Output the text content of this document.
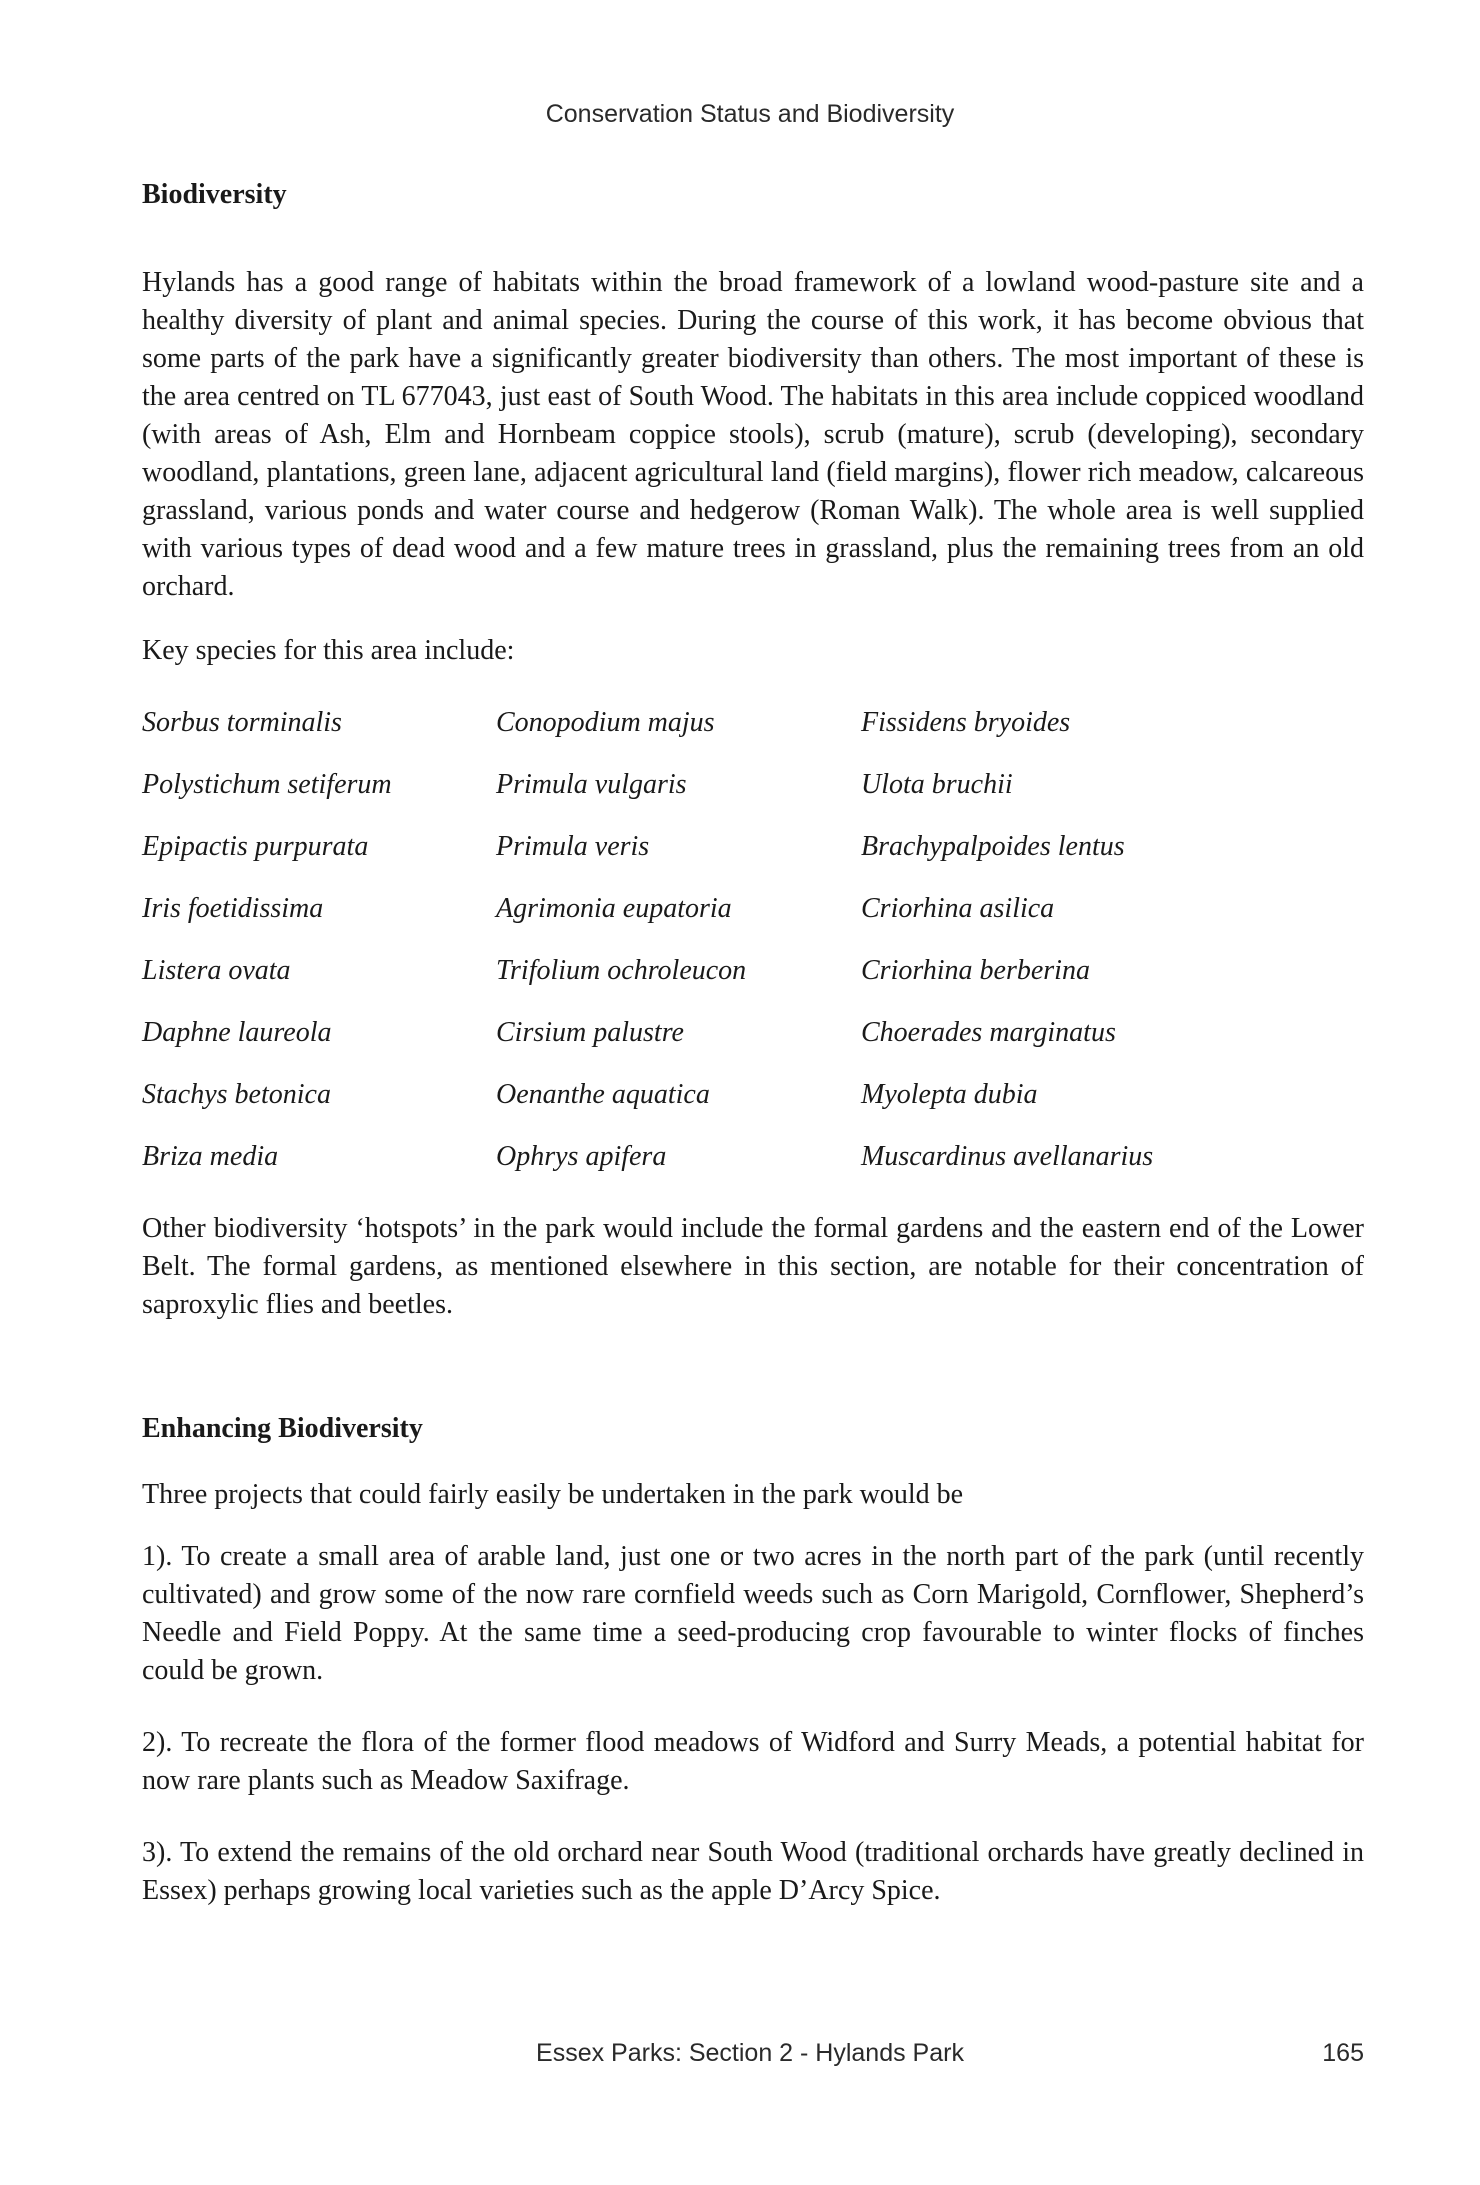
Conservation Status and Biodiversity
Biodiversity

Hylands has a good range of habitats within the broad framework of a lowland wood-pasture site and a healthy diversity of plant and animal species. During the course of this work, it has become obvious that some parts of the park have a significantly greater biodiversity than others. The most important of these is the area centred on TL 677043, just east of South Wood. The habitats in this area include coppiced woodland (with areas of Ash, Elm and Hornbeam coppice stools), scrub (mature), scrub (developing), secondary woodland, plantations, green lane, adjacent agricultural land (field margins), flower rich meadow, calcareous grassland, various ponds and water course and hedgerow (Roman Walk). The whole area is well supplied with various types of dead wood and a few mature trees in grassland, plus the remaining trees from an old orchard.

Key species for this area include:

Sorbus torminalis	Conopodium majus	Fissidens bryoides
Polystichum setiferum	Primula vulgaris	Ulota bruchii
Epipactis purpurata	Primula veris	Brachypalpoides lentus
Iris foetidissima	Agrimonia eupatoria	Criorhina asilica
Listera ovata	Trifolium ochroleucon	Criorhina berberina
Daphne laureola	Cirsium palustre	Choerades marginatus
Stachys betonica	Oenanthe aquatica	Myolepta dubia
Briza media	Ophrys apifera	Muscardinus avellanarius

Other biodiversity ‘hotspots’ in the park would include the formal gardens and the eastern end of the Lower Belt. The formal gardens, as mentioned elsewhere in this section, are notable for their concentration of saproxylic flies and beetles.

Enhancing Biodiversity

Three projects that could fairly easily be undertaken in the park would be

1). To create a small area of arable land, just one or two acres in the north part of the park (until recently cultivated) and grow some of the now rare cornfield weeds such as Corn Marigold, Cornflower, Shepherd’s Needle and Field Poppy. At the same time a seed-producing crop favourable to winter flocks of finches could be grown.

2). To recreate the flora of the former flood meadows of Widford and Surry Meads, a potential habitat for now rare plants such as Meadow Saxifrage.

3). To extend the remains of the old orchard near South Wood (traditional orchards have greatly declined in Essex) perhaps growing local varieties such as the apple D’Arcy Spice.

Essex Parks: Section 2 - Hylands Park	165
